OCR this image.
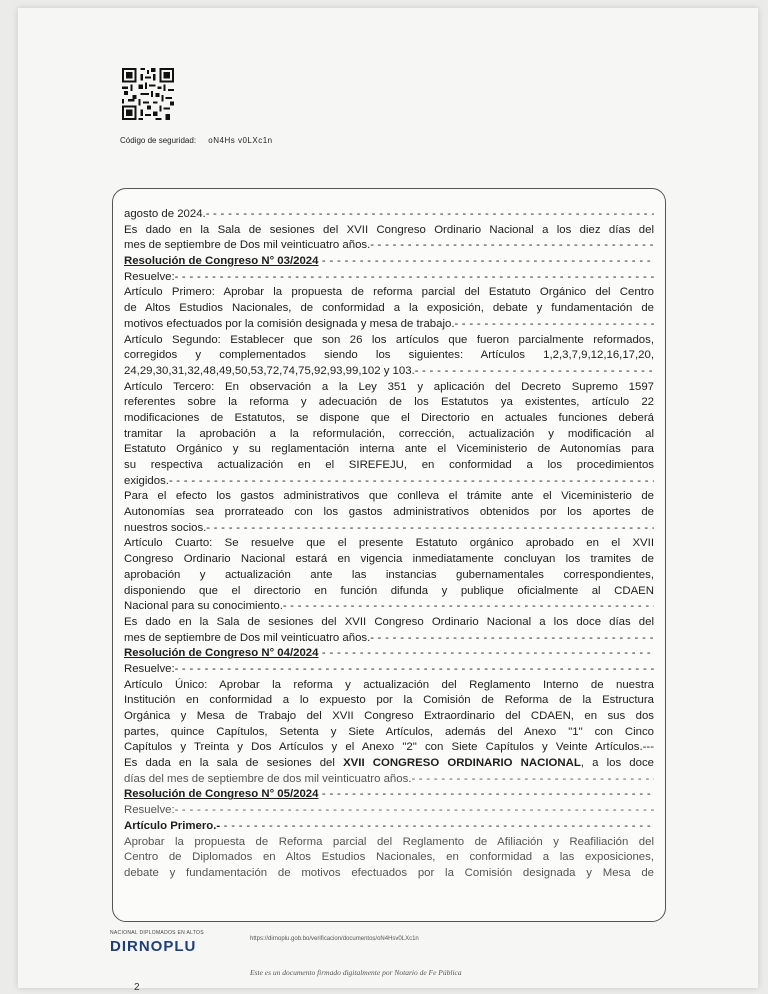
Código de seguridad: oN4Hs v0LXc1n
agosto de 2024.- - - -
Es dado en la Sala de sesiones del XVII Congreso Ordinario Nacional a los diez días del
mes de septiembre de Dos mil veinticuatro años.- - - -
Resolución de Congreso N° 03/2024 - - -
Resuelve:- - - -
Artículo Primero: Aprobar la propuesta de reforma parcial del Estatuto Orgánico del Centro
de Altos Estudios Nacionales, de conformidad a la exposición, debate y fundamentación de
motivos efectuados por la comisión designada y mesa de trabajo.- - - -
Artículo Segundo: Establecer que son 26 los artículos que fueron parcialmente reformados,
corregidos y complementados siendo los siguientes: Artículos 1,2,3,7,9,12,16,17,20,
24,29,30,31,32,48,49,50,53,72,74,75,92,93,99,102 y 103.- - - -
Artículo Tercero: En observación a la Ley 351 y aplicación del Decreto Supremo 1597
referentes sobre la reforma y adecuación de los Estatutos ya existentes, artículo 22
modificaciones de Estatutos, se dispone que el Directorio en actuales funciones deberá
tramitar la aprobación a la reformulación, corrección, actualización y modificación al
Estatuto Orgánico y su reglamentación interna ante el Viceministerio de Autonomías para
su respectiva actualización en el SIREFEJU, en conformidad a los procedimientos
exigidos.- - - -
Para el efecto los gastos administrativos que conlleva el trámite ante el Viceministerio de
Autonomías sea prorrateado con los gastos administrativos obtenidos por los aportes de
nuestros socios.- - - -
Artículo Cuarto: Se resuelve que el presente Estatuto orgánico aprobado en el XVII
Congreso Ordinario Nacional estará en vigencia inmediatamente concluyan los tramites de
aprobación y actualización ante las instancias gubernamentales correspondientes,
disponiendo que el directorio en función difunda y publique oficialmente al CDAEN
Nacional para su conocimiento.- - - -
Es dado en la Sala de sesiones del XVII Congreso Ordinario Nacional a los doce días del
mes de septiembre de Dos mil veinticuatro años.- - - -
Resolución de Congreso N° 04/2024 - - -
Resuelve:- - - -
Artículo Único: Aprobar la reforma y actualización del Reglamento Interno de nuestra
Institución en conformidad a lo expuesto por la Comisión de Reforma de la Estructura
Orgánica y Mesa de Trabajo del XVII Congreso Extraordinario del CDAEN, en sus dos
partes, quince Capítulos, Setenta y Siete Artículos, además del Anexo "1" con Cinco
Capítulos y Treinta y Dos Artículos y el Anexo "2" con Siete Capítulos y Veinte Artículos.---
Es dada en la sala de sesiones del XVII CONGRESO ORDINARIO NACIONAL, a los doce
días del mes de septiembre de dos mil veinticuatro años.- - - -
Resolución de Congreso N° 05/2024 - - -
Resuelve:- - - -
Artículo Primero.- - - -
Aprobar la propuesta de Reforma parcial del Reglamento de Afiliación y Reafiliación del
Centro de Diplomados en Altos Estudios Nacionales, en conformidad a las exposiciones,
debate y fundamentación de motivos efectuados por la Comisión designada y Mesa de
NACIONAL DIPLOMADOS EN ALTOS
DIRNOPLU	https://dirnoplu.gob.bo/verificacion/documentos/oN4Hsv0LXc1n
Este es un documento firmado digitalmente por Notario de Fe Pública
2
